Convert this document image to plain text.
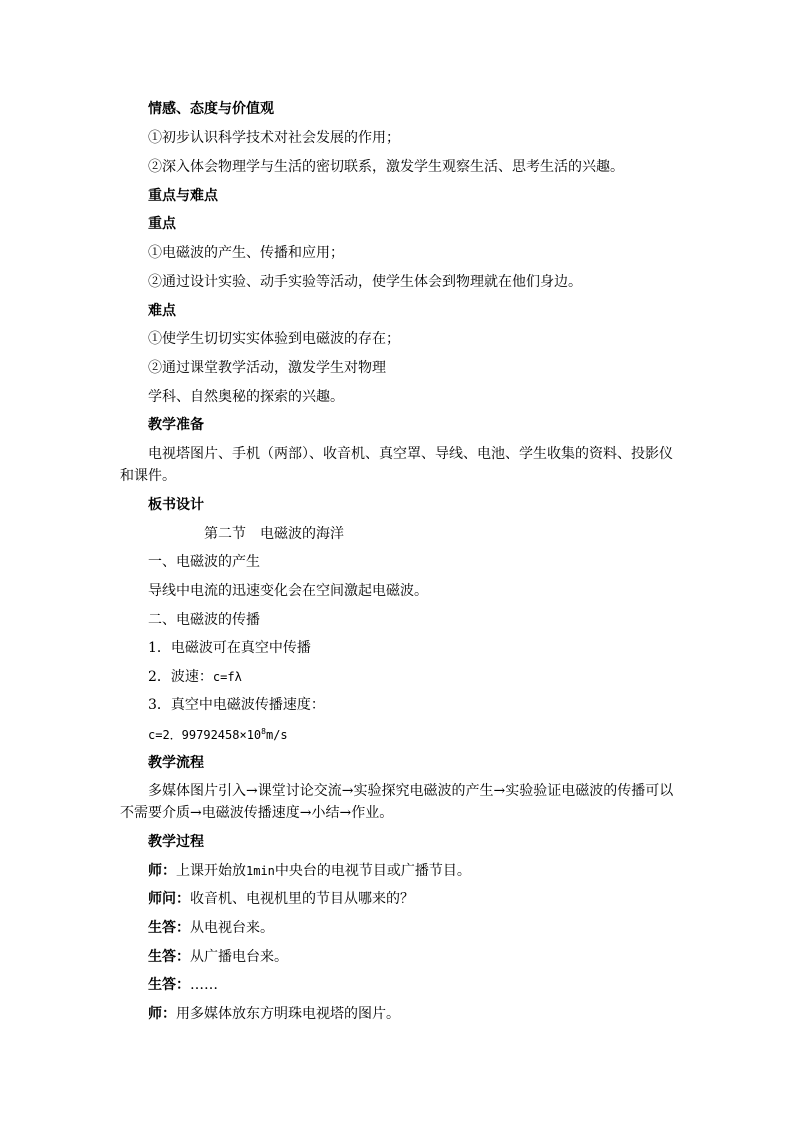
情感、态度与价值观
①初步认识科学技术对社会发展的作用；
②深入体会物理学与生活的密切联系，激发学生观察生活、思考生活的兴趣。
重点与难点
重点
①电磁波的产生、传播和应用；
②通过设计实验、动手实验等活动，使学生体会到物理就在他们身边。
难点
①使学生切切实实体验到电磁波的存在；
②通过课堂教学活动，激发学生对物理
学科、自然奥秘的探索的兴趣。
教学准备
电视塔图片、手机（两部）、收音机、真空罩、导线、电池、学生收集的资料、投影仪
和课件。
板书设计
第二节　电磁波的海洋
一、电磁波的产生
导线中电流的迅速变化会在空间激起电磁波。
二、电磁波的传播
1．电磁波可在真空中传播
2．波速：c=fλ
3．真空中电磁波传播速度：
c=2．$99792458\times 10^8m/s$
教学流程
多媒体图片引入→课堂讨论交流→实验探究电磁波的产生→实验验证电磁波的传播可以
不需要介质→电磁波传播速度→小结→作业。
教学过程
师：上课开始放1min中央台的电视节目或广播节目。
师问：收音机、电视机里的节目从哪来的？
生答：从电视台来。
生答：从广播电台来。
生答：……
师：用多媒体放东方明珠电视塔的图片。
